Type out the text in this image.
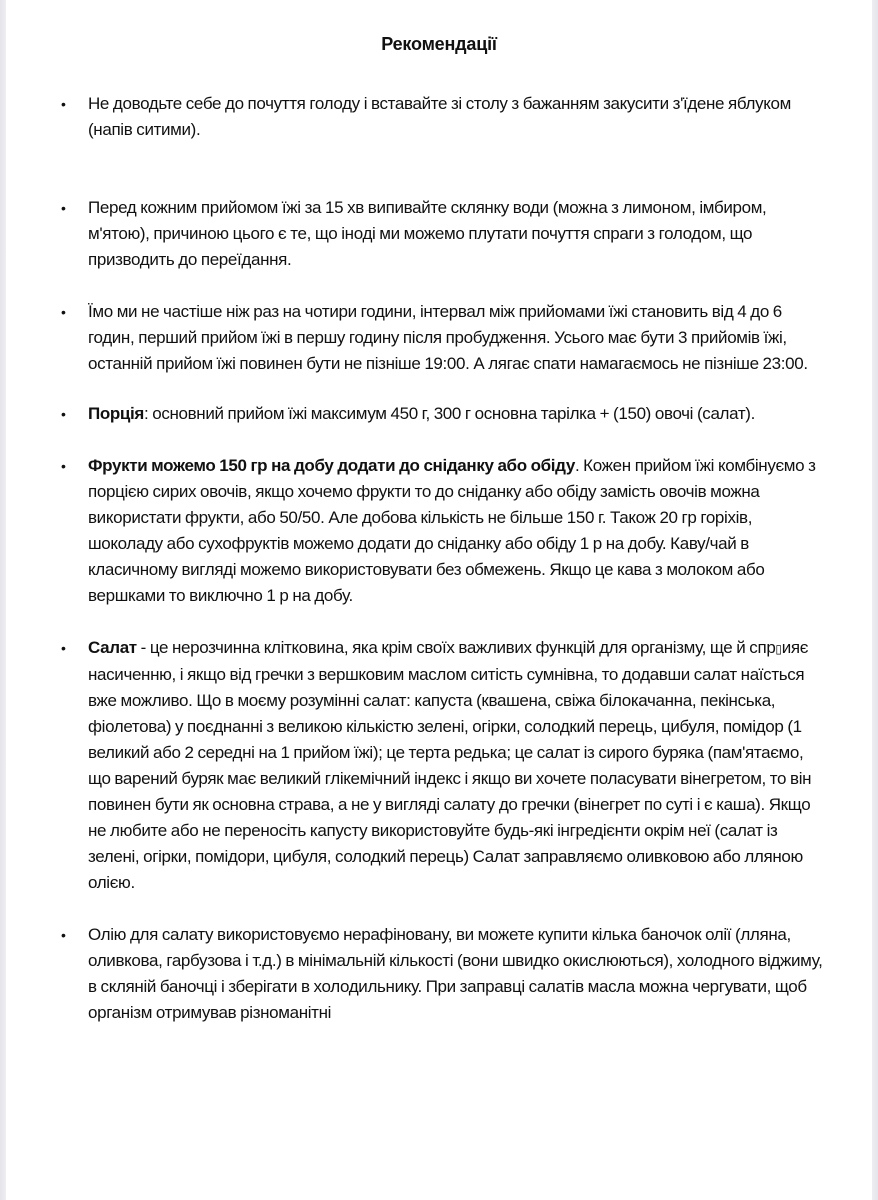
Рекомендації
• Не доводьте себе до почуття голоду і вставайте зі столу з бажанням закусити з'їдене яблуком (напів ситими).
• Перед кожним прийомом їжі за 15 хв випивайте склянку води (можна з лимоном, імбиром, м'ятою), причиною цього є те, що іноді ми можемо плутати почуття спраги з голодом, що призводить до переїдання.
• Їмо ми не частіше ніж раз на чотири години, інтервал між прийомами їжі становить від 4 до 6 годин, перший прийом їжі в першу годину після пробудження. Усього має бути 3 прийомів їжі, останній прийом їжі повинен бути не пізніше 19:00. А лягає спати намагаємось не пізніше 23:00.
• Порція: основний прийом їжі максимум 450 г, 300 г основна тарілка + (150) овочі (салат).
• Фрукти можемо 150 гр на добу додати до сніданку або обіду. Кожен прийом їжі комбінуємо з порцією сирих овочів, якщо хочемо фрукти то до сніданку або обіду замість овочів можна використати фрукти, або 50/50. Але добова кількість не більше 150 г. Також 20 гр горіхів, шоколаду або сухофруктів можемо додати до сніданку або обіду 1 р на добу. Каву/чай в класичному вигляді можемо використовувати без обмежень. Якщо це кава з молоком або вершками то виключно 1 р на добу.
• Салат - це нерозчинна клітковина, яка крім своїх важливих функцій для організму, ще й спр▯ияє насиченню, і якщо від гречки з вершковим маслом ситість сумнівна, то додавши салат наїсться вже можливо. Що в моєму розумінні салат: капуста (квашена, свіжа білокачанна, пекінська, фіолетова) у поєднанні з великою кількістю зелені, огірки, солодкий перець, цибуля, помідор (1 великий або 2 середні на 1 прийом їжі); це терта редька; це салат із сирого буряка (пам'ятаємо, що варений буряк має великий глікемічний індекс і якщо ви хочете поласувати вінегретом, то він повинен бути як основна страва, а не у вигляді салату до гречки (вінегрет по суті і є каша). Якщо не любите або не переносіть капусту використовуйте будь-які інгредієнти окрім неї (салат із зелені, огірки, помідори, цибуля, солодкий перець) Салат заправляємо оливковою або лляною олією.
• Олію для салату використовуємо нерафіновану, ви можете купити кілька баночок олії (лляна, оливкова, гарбузова і т.д.) в мінімальній кількості (вони швидко окислюються), холодного віджиму, в скляній баночці і зберігати в холодильнику. При заправці салатів масла можна чергувати, щоб організм отримував різноманітні
